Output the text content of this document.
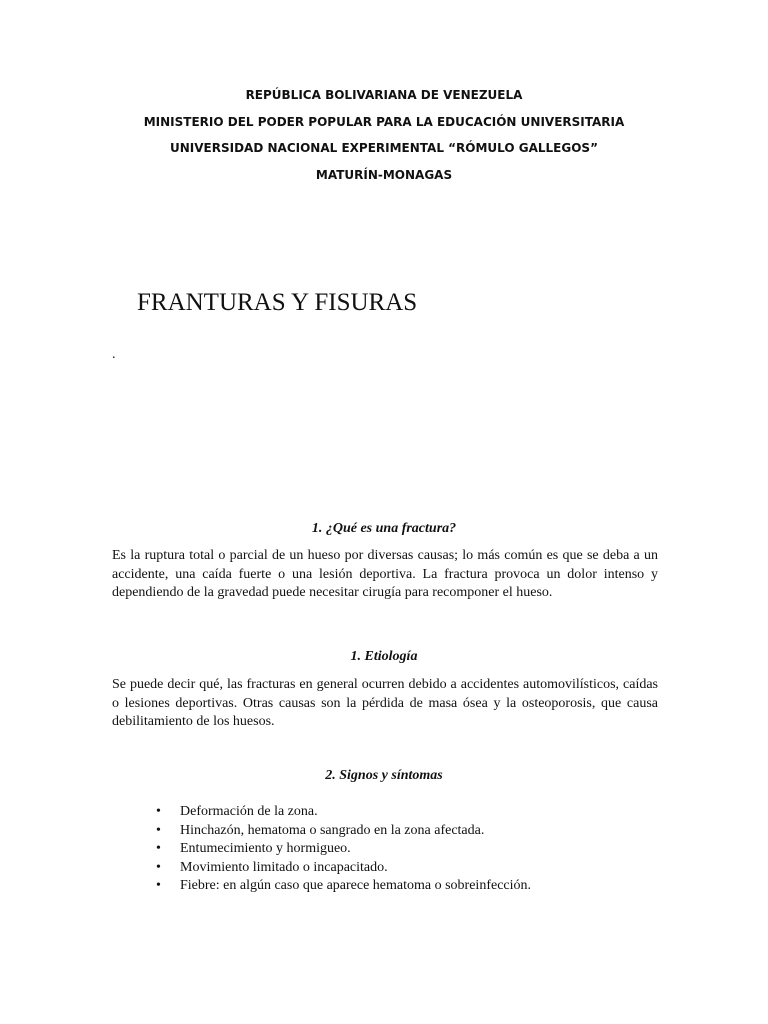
REPÚBLICA BOLIVARIANA DE VENEZUELA
MINISTERIO DEL PODER POPULAR PARA LA EDUCACIÓN UNIVERSITARIA
UNIVERSIDAD NACIONAL EXPERIMENTAL “RÓMULO GALLEGOS”
MATURÍN-MONAGAS
FRANTURAS Y FISURAS
.
1. ¿Qué es una fractura?
Es la ruptura total o parcial de un hueso por diversas causas; lo más común es que se deba a un accidente, una caída fuerte o una lesión deportiva. La fractura provoca un dolor intenso y dependiendo de la gravedad puede necesitar cirugía para recomponer el hueso.
1. Etiología
Se puede decir qué, las fracturas en general ocurren debido a accidentes automovilísticos, caídas o lesiones deportivas. Otras causas son la pérdida de masa ósea y la osteoporosis, que causa debilitamiento de los huesos.
2. Signos y síntomas
• Deformación de la zona.
• Hinchazón, hematoma o sangrado en la zona afectada.
• Entumecimiento y hormigueo.
• Movimiento limitado o incapacitado.
• Fiebre: en algún caso que aparece hematoma o sobreinfección.
